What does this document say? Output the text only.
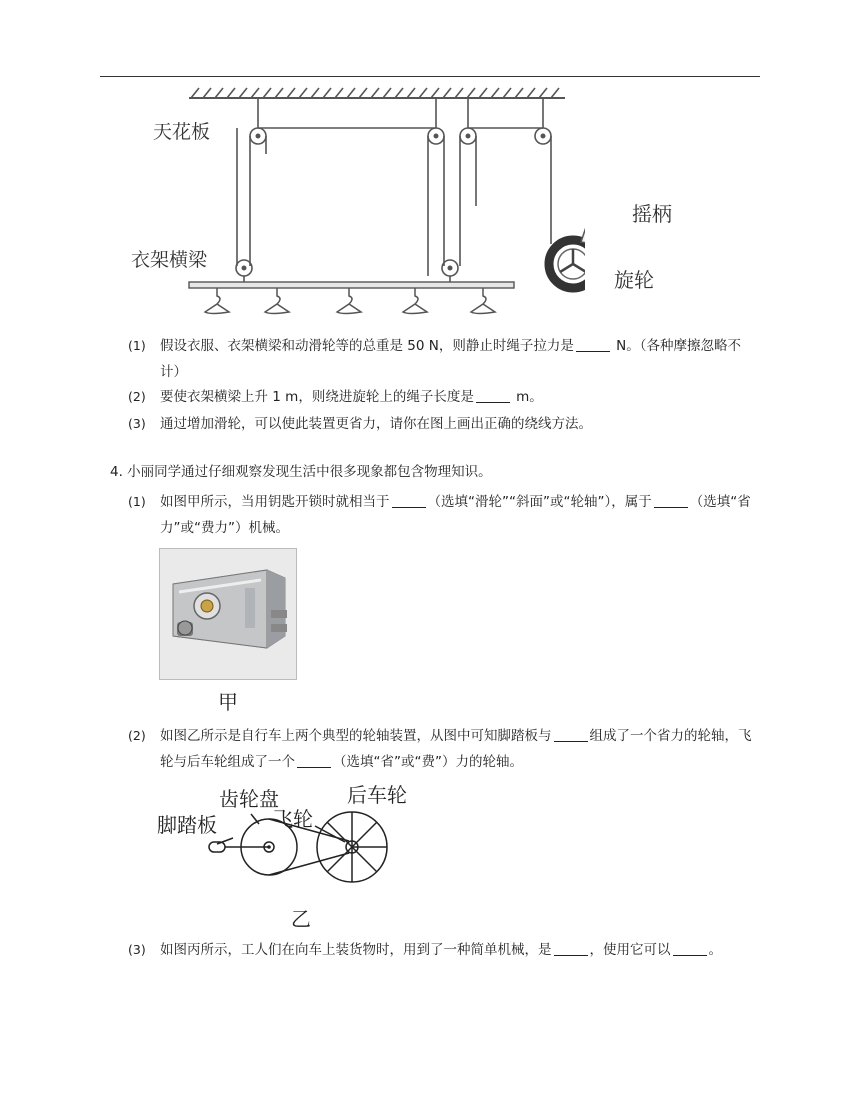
天花板
衣架横梁
摇柄
旋轮
(1)	假设衣服、衣架横梁和动滑轮等的总重是 50 N，则静止时绳子拉力是	N。（各种摩擦忽略不计）
(2)	要使衣架横梁上升 1 m，则绕进旋轮上的绳子长度是	m。
(3)	通过增加滑轮，可以使此装置更省力，请你在图上画出正确的绕线方法。
4. 小丽同学通过仔细观察发现生活中很多现象都包含物理知识。
(1)	如图甲所示，当用钥匙开锁时就相当于	（选填“滑轮”“斜面”或“轮轴”），属于	（选填“省力”或“费力”）机械。
甲
(2)	如图乙所示是自行车上两个典型的轮轴装置，从图中可知脚踏板与	组成了一个省力的轮轴，飞轮与后车轮组成了一个	（选填“省”或“费”）力的轮轴。
齿轮盘	后车轮
脚踏板	飞轮
乙
(3)	如图丙所示，工人们在向车上装货物时，用到了一种简单机械，是	，使用它可以	。
